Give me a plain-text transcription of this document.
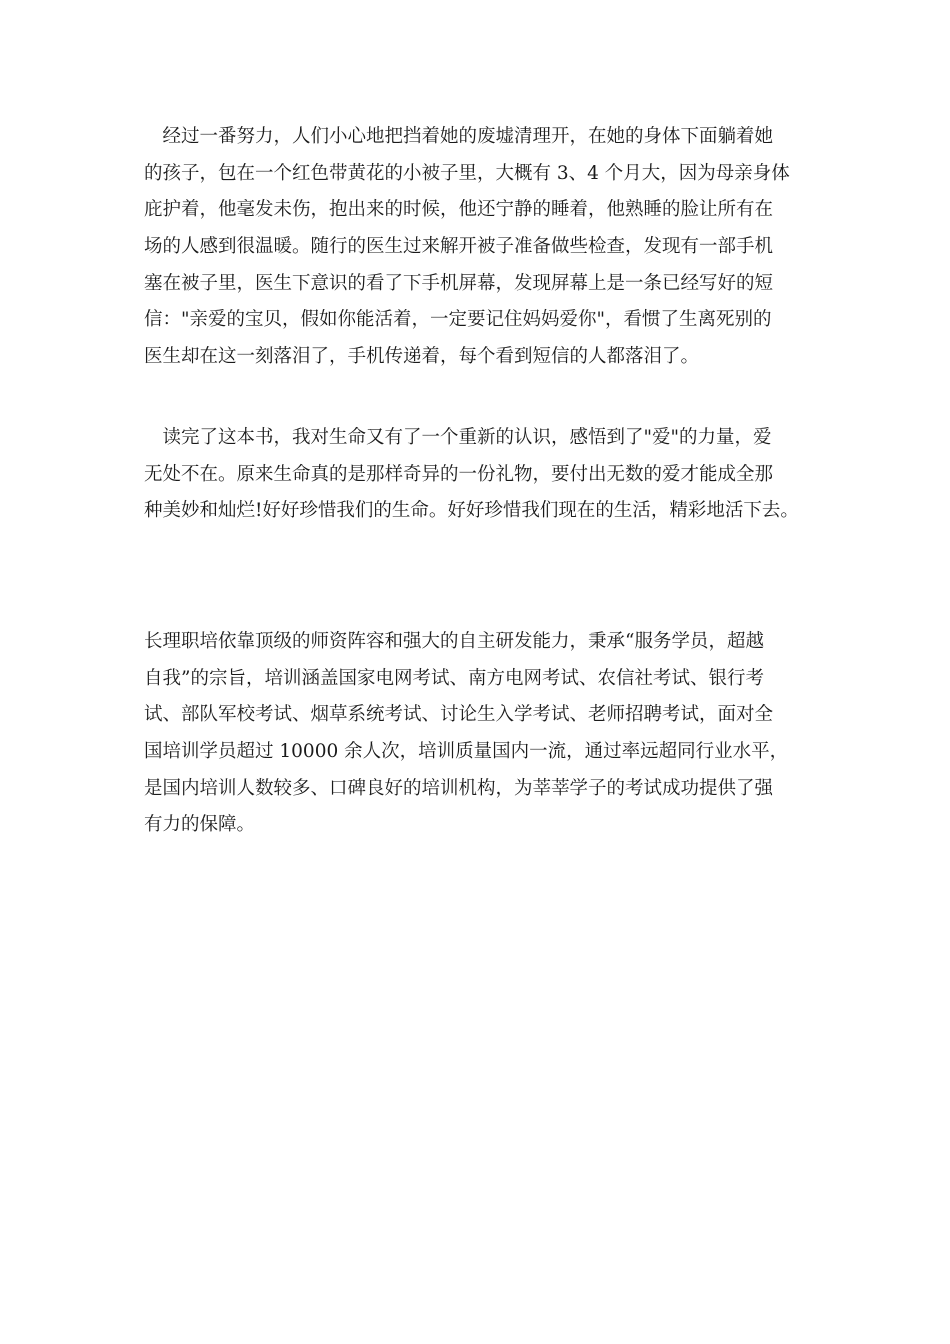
　经过一番努力，人们小心地把挡着她的废墟清理开，在她的身体下面躺着她
的孩子，包在一个红色带黄花的小被子里，大概有 3、4 个月大，因为母亲身体
庇护着，他毫发未伤，抱出来的时候，他还宁静的睡着，他熟睡的脸让所有在
场的人感到很温暖。随行的医生过来解开被子准备做些检查，发现有一部手机
塞在被子里，医生下意识的看了下手机屏幕，发现屏幕上是一条已经写好的短
信："亲爱的宝贝，假如你能活着，一定要记住妈妈爱你"，看惯了生离死别的
医生却在这一刻落泪了，手机传递着，每个看到短信的人都落泪了。
　读完了这本书，我对生命又有了一个重新的认识，感悟到了"爱"的力量，爱
无处不在。原来生命真的是那样奇异的一份礼物，要付出无数的爱才能成全那
种美妙和灿烂!好好珍惜我们的生命。好好珍惜我们现在的生活，精彩地活下去。
长理职培依靠顶级的师资阵容和强大的自主研发能力，秉承“服务学员，超越
自我”的宗旨，培训涵盖国家电网考试、南方电网考试、农信社考试、银行考
试、部队军校考试、烟草系统考试、讨论生入学考试、老师招聘考试，面对全
国培训学员超过 10000 余人次，培训质量国内一流，通过率远超同行业水平，
是国内培训人数较多、口碑良好的培训机构，为莘莘学子的考试成功提供了强
有力的保障。
